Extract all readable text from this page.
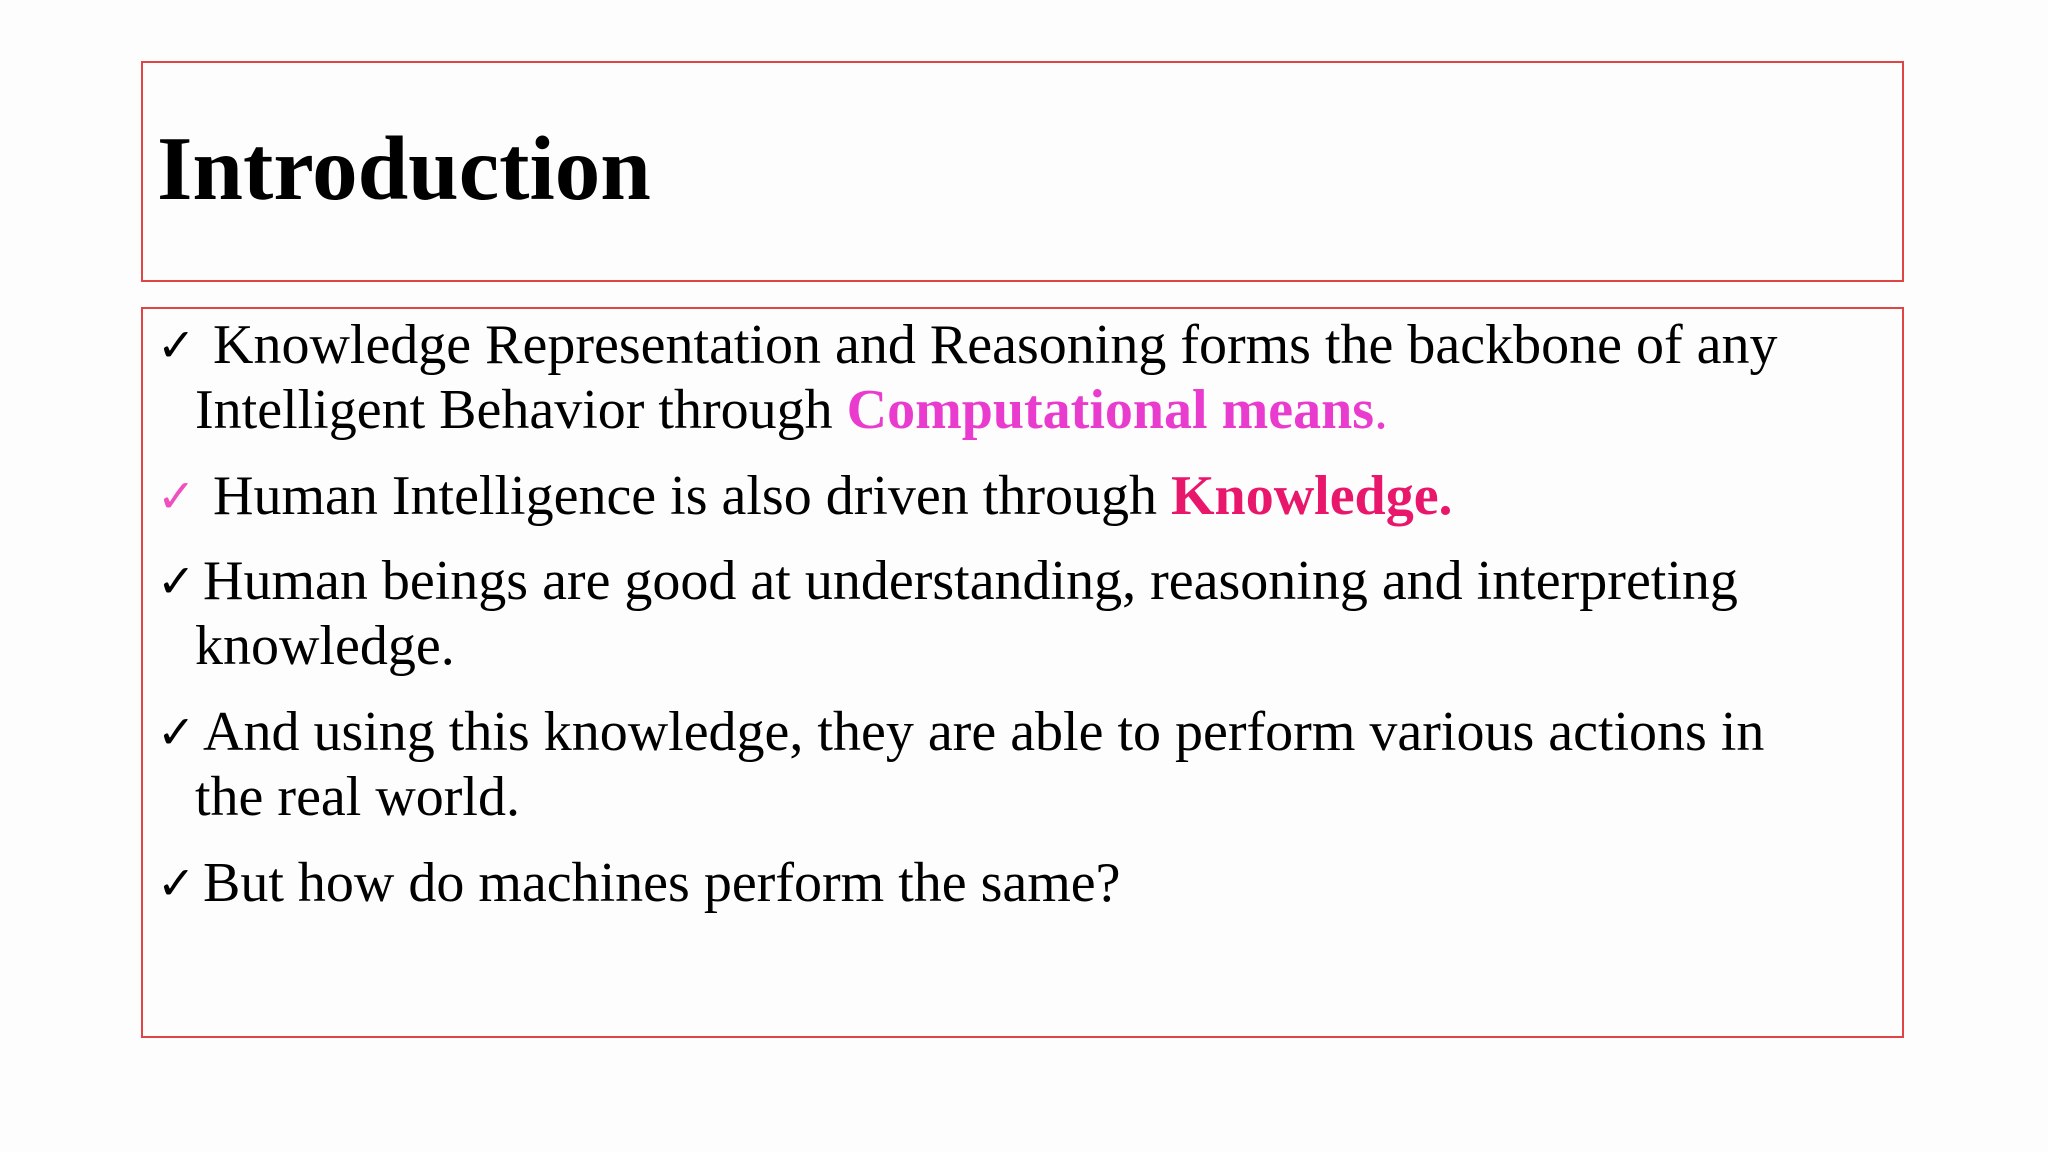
Introduction
✓ Knowledge Representation and Reasoning forms the backbone of any
Intelligent Behavior through Computational means.
✓ Human Intelligence is also driven through Knowledge.
✓ Human beings are good at understanding, reasoning and interpreting
knowledge.
✓ And using this knowledge, they are able to perform various actions in
the real world.
✓ But how do machines perform the same?
